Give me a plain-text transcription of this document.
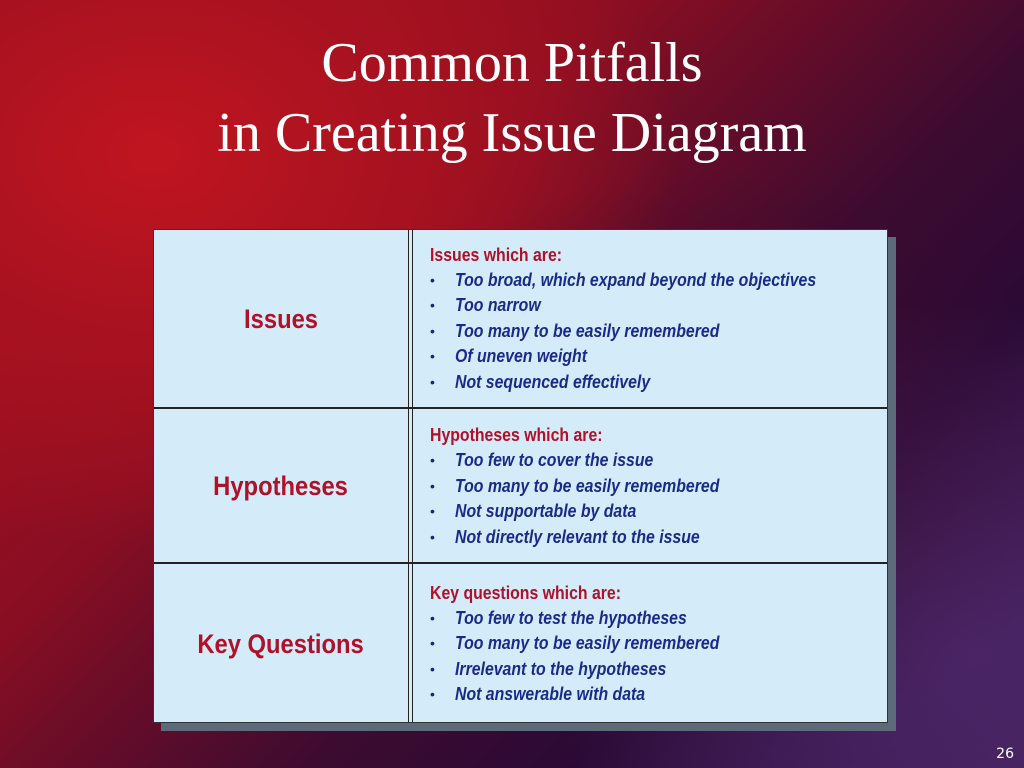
Common Pitfalls
in Creating Issue Diagram
Issues
Issues which are:
• Too broad, which expand beyond the objectives
• Too narrow
• Too many to be easily remembered
• Of uneven weight
• Not sequenced effectively
Hypotheses
Hypotheses which are:
• Too few to cover the issue
• Too many to be easily remembered
• Not supportable by data
• Not directly relevant to the issue
Key Questions
Key questions which are:
• Too few to test the hypotheses
• Too many to be easily remembered
• Irrelevant to the hypotheses
• Not answerable with data
26
